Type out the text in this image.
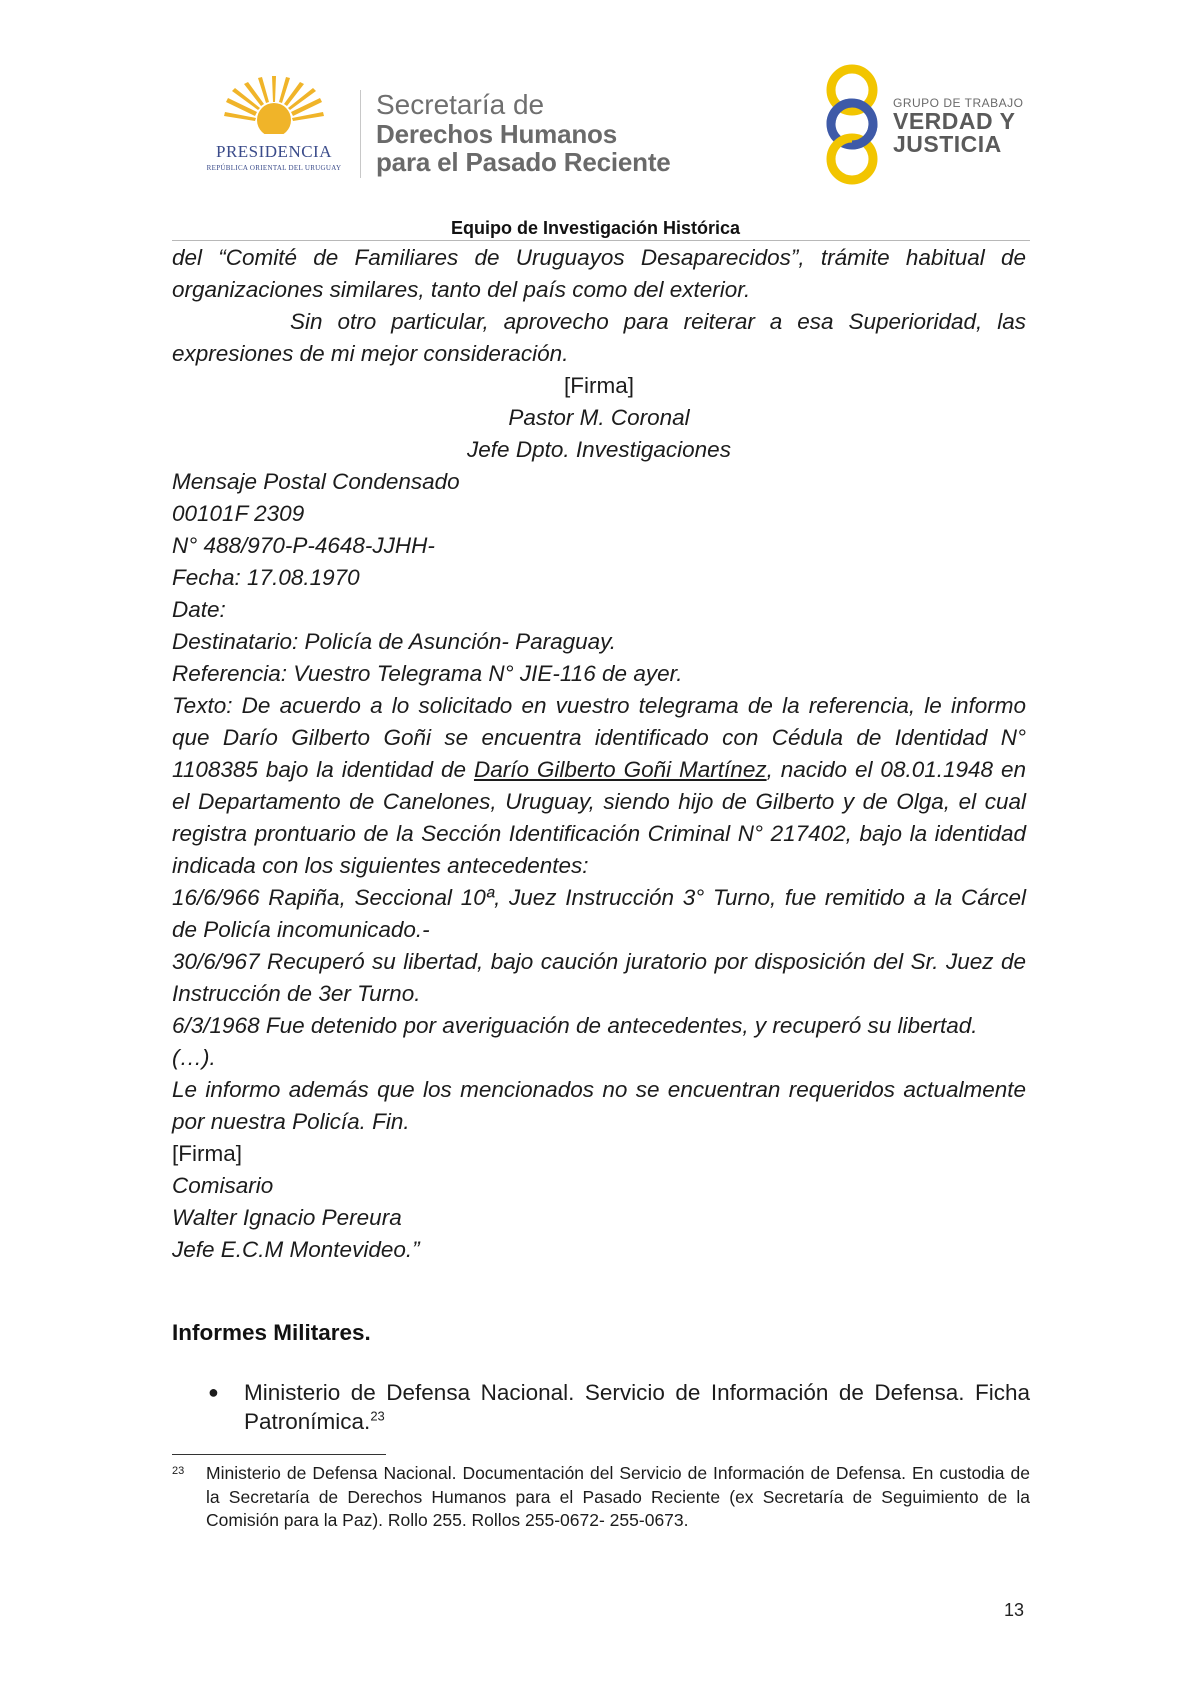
PRESIDENCIA
REPÚBLICA ORIENTAL DEL URUGUAY
Secretaría de
Derechos Humanos
para el Pasado Reciente
GRUPO DE TRABAJO
VERDAD Y
JUSTICIA
Equipo de Investigación Histórica

del “Comité de Familiares de Uruguayos Desaparecidos”, trámite habitual de organizaciones similares, tanto del país como del exterior.

Sin otro particular, aprovecho para reiterar a esa Superioridad, las expresiones de mi mejor consideración.

[Firma]

Pastor M. Coronal

Jefe Dpto. Investigaciones

Mensaje Postal Condensado

00101F 2309

N° 488/970-P-4648-JJHH-

Fecha: 17.08.1970

Date:

Destinatario: Policía de Asunción- Paraguay.

Referencia: Vuestro Telegrama N° JIE-116 de ayer.

Texto: De acuerdo a lo solicitado en vuestro telegrama de la referencia, le informo que Darío Gilberto Goñi se encuentra identificado con Cédula de Identidad N° 1108385 bajo la identidad de Darío Gilberto Goñi Martínez, nacido el 08.01.1948 en el Departamento de Canelones, Uruguay, siendo hijo de Gilberto y de Olga, el cual registra prontuario de la Sección Identificación Criminal N° 217402, bajo la identidad indicada con los siguientes antecedentes:

16/6/966 Rapiña, Seccional 10ª, Juez Instrucción 3° Turno, fue remitido a la Cárcel de Policía incomunicado.-

30/6/967 Recuperó su libertad, bajo caución juratorio por disposición del Sr. Juez de Instrucción de 3er Turno.

6/3/1968 Fue detenido por averiguación de antecedentes, y recuperó su libertad.

(…).

Le informo además que los mencionados no se encuentran requeridos actualmente por nuestra Policía. Fin.

[Firma]

Comisario

Walter Ignacio Pereura

Jefe E.C.M Montevideo.”

Informes Militares.
● Ministerio de Defensa Nacional. Servicio de Información de Defensa. Ficha Patronímica.$^{23}$
23 Ministerio de Defensa Nacional. Documentación del Servicio de Información de Defensa. En custodia de la Secretaría de Derechos Humanos para el Pasado Reciente (ex Secretaría de Seguimiento de la Comisión para la Paz). Rollo 255. Rollos 255-0672- 255-0673.
13
